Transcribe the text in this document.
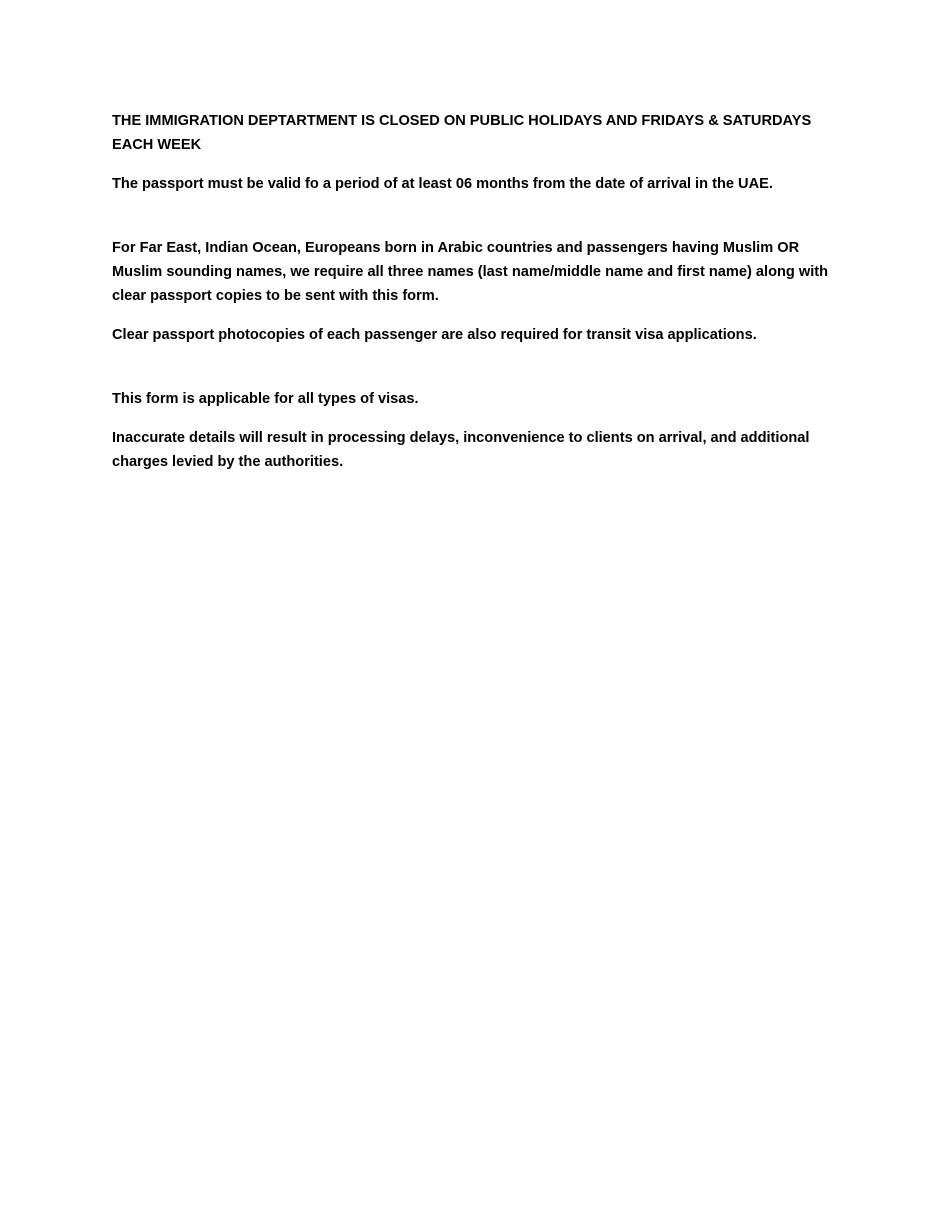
THE IMMIGRATION DEPTARTMENT IS CLOSED ON PUBLIC HOLIDAYS AND FRIDAYS & SATURDAYS EACH WEEK

The passport must be valid fo a period of at least 06 months from the date of arrival in the UAE.

For Far East, Indian Ocean, Europeans born in Arabic countries and passengers having Muslim OR Muslim sounding names, we require all three names (last name/middle name and first name) along with clear passport copies to be sent with this form.

Clear passport photocopies of each passenger are also required for transit visa applications.

This form is applicable for all types of visas.

Inaccurate details will result in processing delays, inconvenience to clients on arrival, and additional charges levied by the authorities.
